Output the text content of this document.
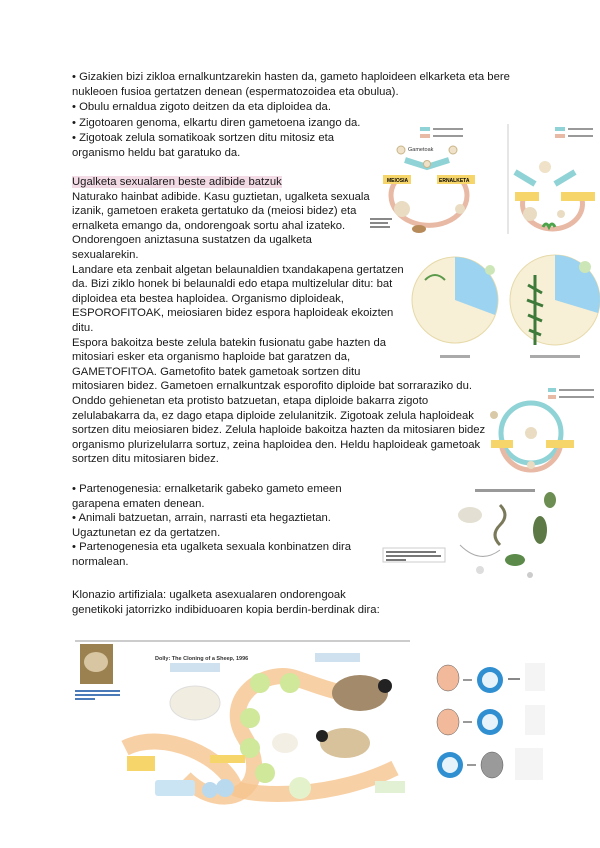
• Gizakien bizi zikloa ernalkuntzarekin hasten da, gameto haploideen elkarketa eta bere
nukleoen fusioa gertatzen denean (espermatozoidea eta obulua).
• Obulu ernaldua zigoto deitzen da eta diploidea da.
• Zigotoaren genoma, elkartu diren gametoena izango da.
• Zigotoak zelula somatikoak sortzen ditu mitosiz eta
organismo heldu bat garatuko da.
Ugalketa sexualaren beste adibide batzuk
Naturako hainbat adibide. Kasu guztietan, ugalketa sexuala
izanik, gametoen eraketa gertatuko da (meiosi bidez) eta
ernalketa emango da, ondorengoak sortu ahal izateko.
Ondorengoen aniztasuna sustatzen da ugalketa
sexualarekin.
Landare eta zenbait algetan belaunaldien txandakapena gertatzen
da. Bizi ziklo honek bi belaunaldi edo etapa multizelular ditu: bat
diploidea eta bestea haploidea. Organismo diploideak,
ESPOROFITOAK, meiosiaren bidez espora haploideak ekoizten
ditu.
Espora bakoitza beste zelula batekin fusionatu gabe hazten da
mitosiari esker eta organismo haploide bat garatzen da,
GAMETOFITOA. Gametofito batek gametoak sortzen ditu
mitosiaren bidez. Gametoen ernalkuntzak esporofito diploide bat sorraraziko du.
Onddo gehienetan eta protisto batzuetan, etapa diploide bakarra zigoto
zelulabakarra da, ez dago etapa diploide zelulanitzik. Zigotoak zelula haploideak
sortzen ditu meiosiaren bidez. Zelula haploide bakoitza hazten da mitosiaren bidez
organismo plurizelularra sortuz, zeina haploidea den. Heldu haploideak gametoak
sortzen ditu mitosiaren bidez.
• Partenogenesia: ernalketarik gabeko gameto emeen
garapena ematen denean.
• Animali batzuetan, arrain, narrasti eta hegaztietan.
Ugaztunetan ez da gertatzen.
• Partenogenesia eta ugalketa sexuala konbinatzen dira
normalean.
Klonazio artifiziala: ugalketa asexualaren ondorengoak
genetikoki jatorrizko indibiduoaren kopia berdin-berdinak dira:
Gametoak
MEIOSIA	ERNALKETA
Dolly: The Cloning of a Sheep, 1996
